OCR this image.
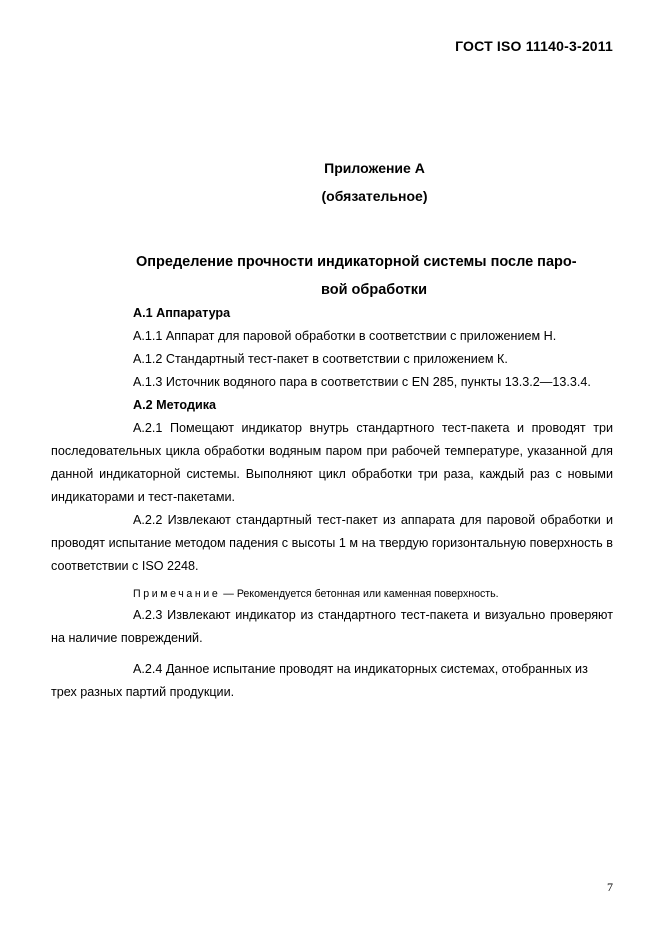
ГОСТ ISO 11140-3-2011
Приложение А
(обязательное)
Определение прочности индикаторной системы после паро-
вой обработки

А.1 Аппаратура

А.1.1 Аппарат для паровой обработки в соответствии с приложением Н.

А.1.2 Стандартный тест-пакет в соответствии с приложением К.

А.1.3 Источник водяного пара в соответствии с EN 285, пункты 13.3.2—13.3.4.

А.2 Методика

А.2.1 Помещают индикатор внутрь стандартного тест-пакета и проводят три последовательных цикла обработки водяным паром при рабочей температуре, указанной для данной индикаторной системы. Выполняют цикл обработки три раза, каждый раз с новыми индикаторами и тест-пакетами.

А.2.2 Извлекают стандартный тест-пакет из аппарата для паровой обработки и проводят испытание методом падения с высоты 1 м на твердую горизонтальную поверхность в соответствии с ISO 2248.

Примечание — Рекомендуется бетонная или каменная поверхность.

А.2.3 Извлекают индикатор из стандартного тест-пакета и визуально проверяют на наличие повреждений.

А.2.4 Данное испытание проводят на индикаторных системах, отобранных из трех разных партий продукции.

7
